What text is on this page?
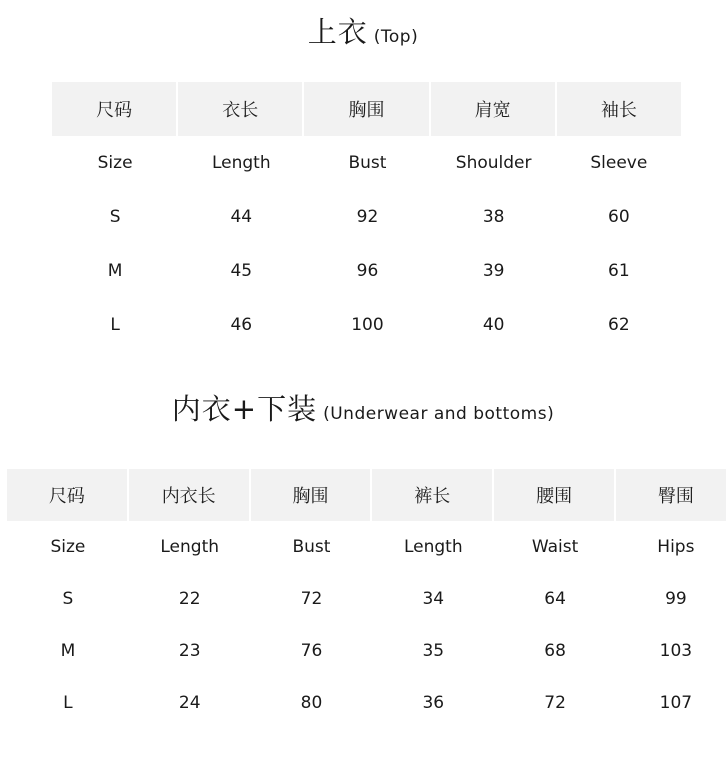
上衣 (Top)
尺码	衣长	胸围	肩宽	袖长
Size	Length	Bust	Shoulder	Sleeve
S	44	92	38	60
M	45	96	39	61
L	46	100	40	62
内衣+下装 (Underwear and bottoms)
尺码	内衣长	胸围	裤长	腰围	臀围
Size	Length	Bust	Length	Waist	Hips
S	22	72	34	64	99
M	23	76	35	68	103
L	24	80	36	72	107
